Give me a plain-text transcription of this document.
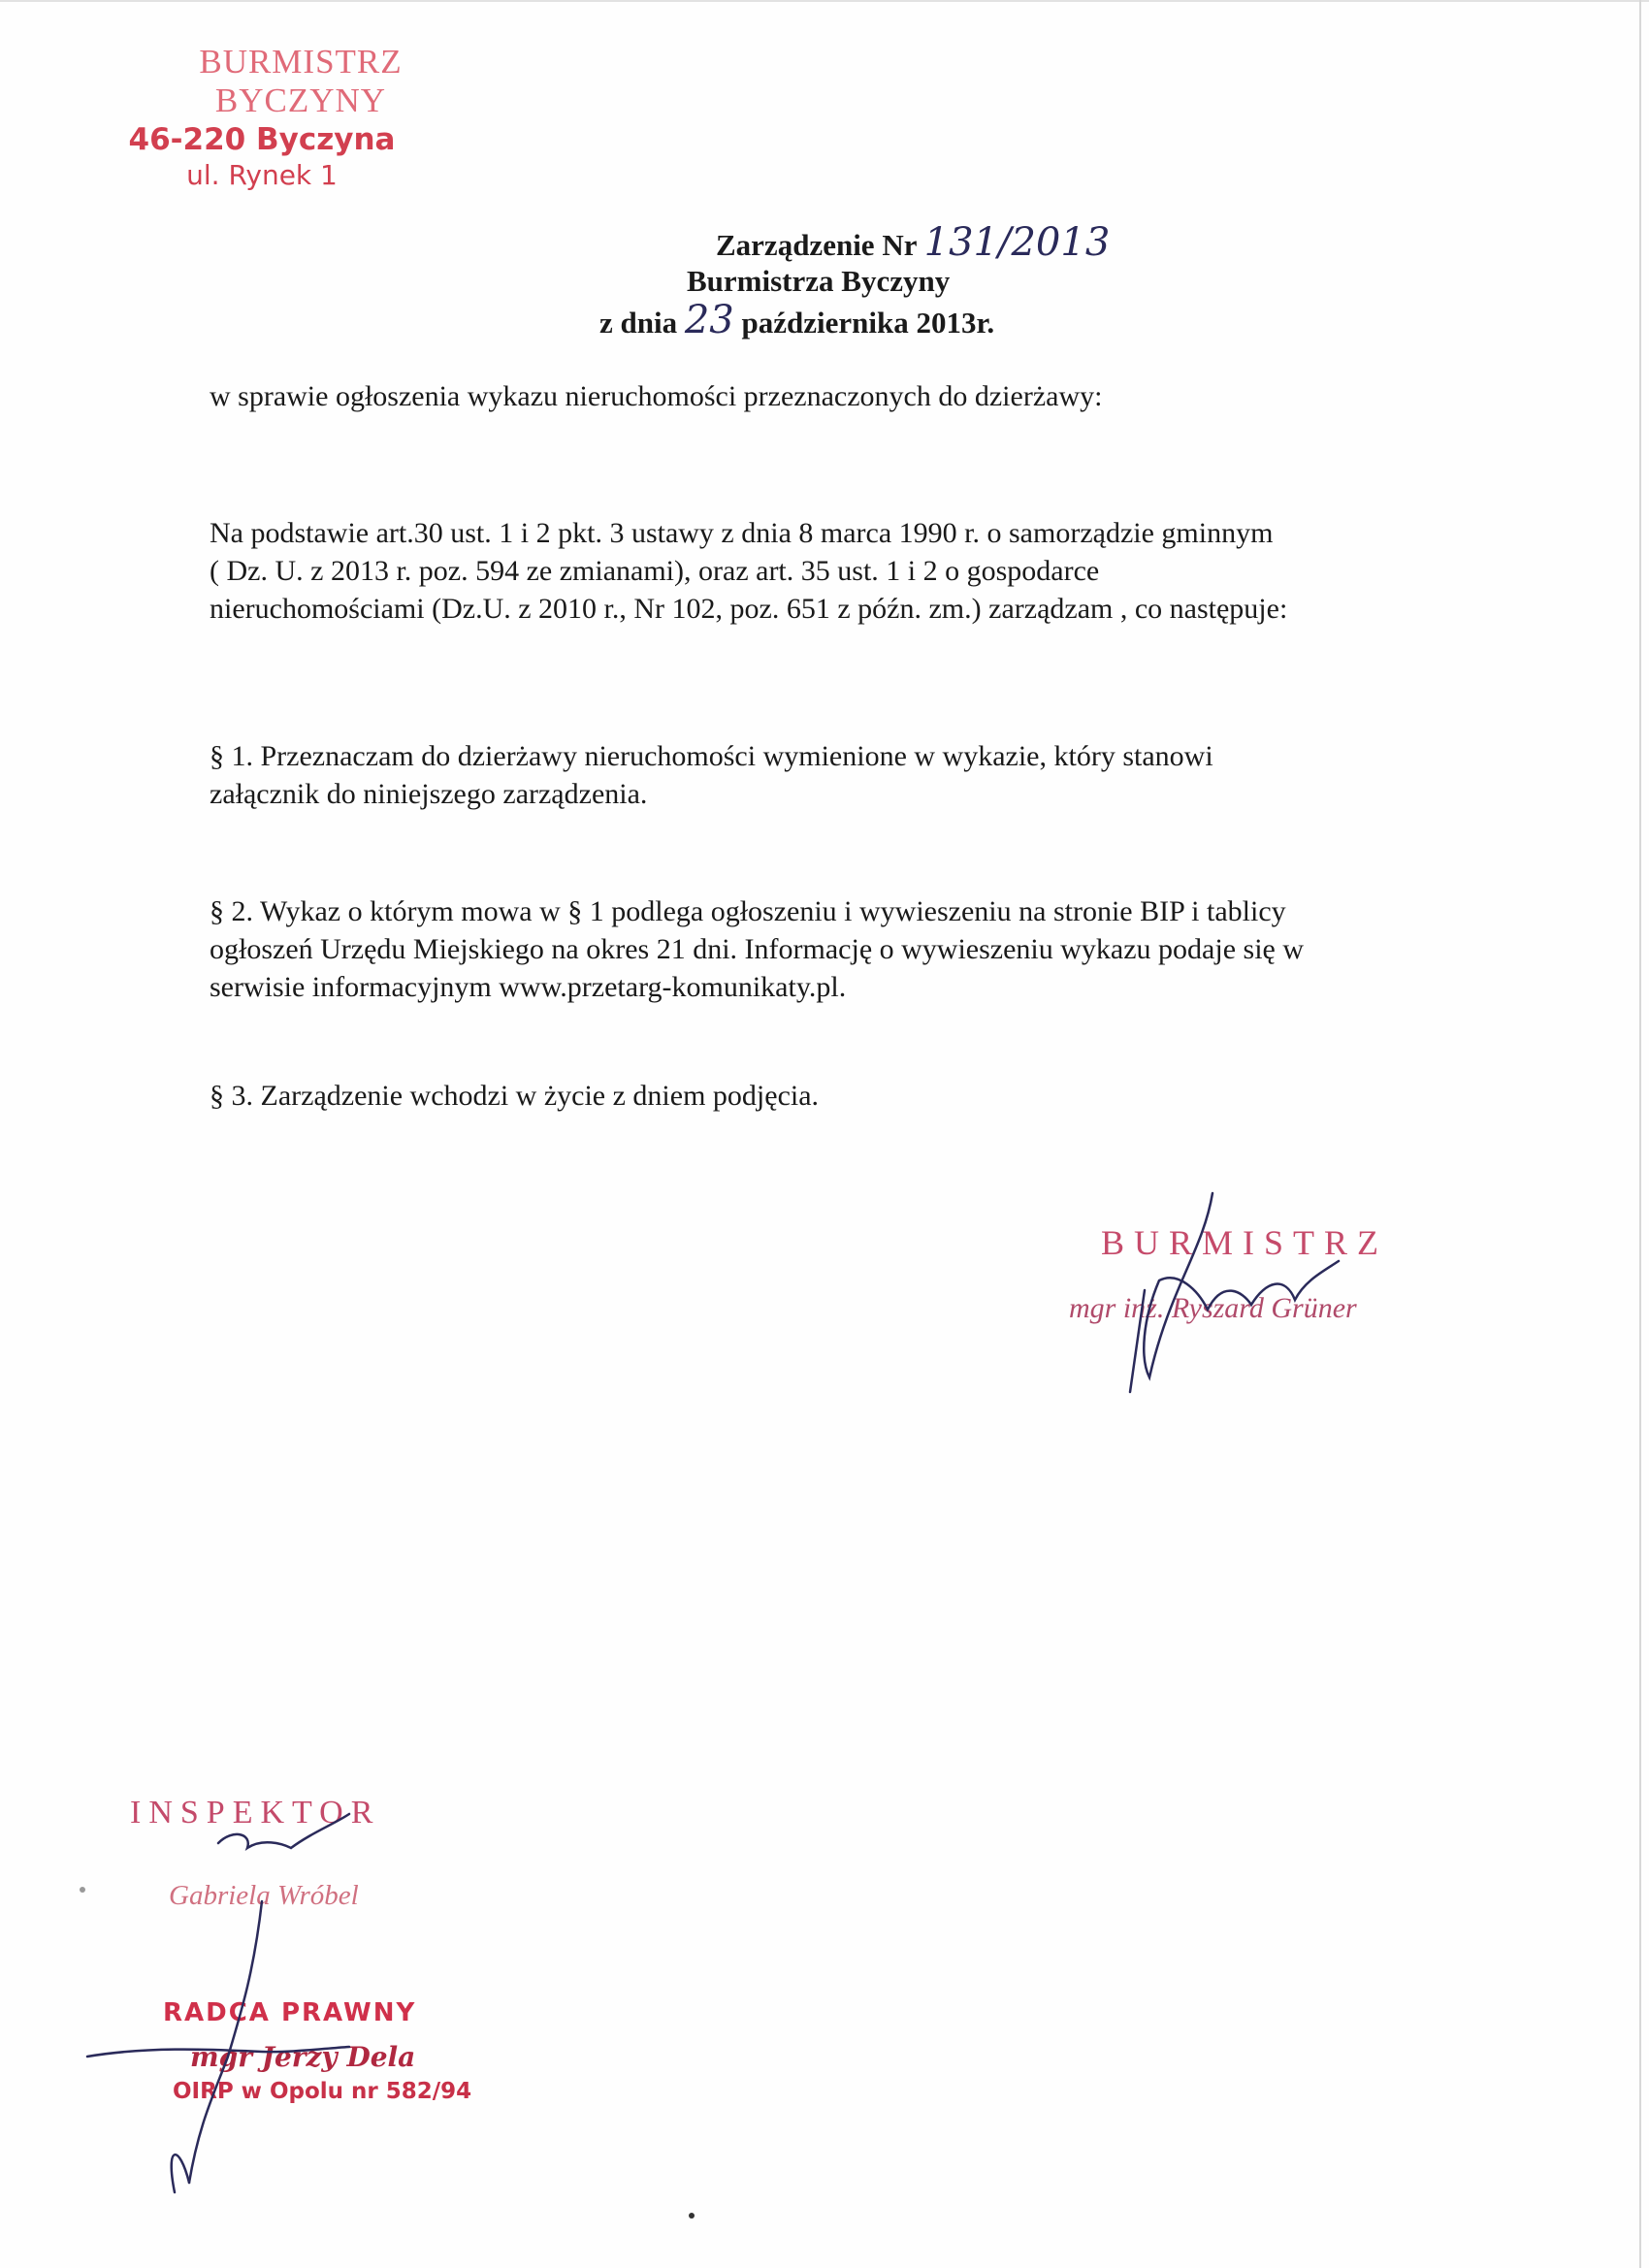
BURMISTRZ BYCZYNY
46-220 Byczyna
ul. Rynek 1
Zarządzenie Nr 131/2013
Burmistrza Byczyny
z dnia 23 października 2013r.
w sprawie ogłoszenia wykazu nieruchomości przeznaczonych do dzierżawy:
Na podstawie art.30 ust. 1 i 2 pkt. 3 ustawy z dnia 8 marca 1990 r. o samorządzie gminnym
( Dz. U. z 2013 r. poz. 594 ze zmianami), oraz art. 35 ust. 1 i 2 o gospodarce
nieruchomościami (Dz.U. z 2010 r., Nr 102, poz. 651 z późn. zm.) zarządzam , co następuje:
§ 1. Przeznaczam do dzierżawy nieruchomości wymienione w wykazie, który stanowi
załącznik do niniejszego zarządzenia.
§ 2. Wykaz o którym mowa w § 1 podlega ogłoszeniu i wywieszeniu na stronie BIP i tablicy
ogłoszeń Urzędu Miejskiego na okres 21 dni. Informację o wywieszeniu wykazu podaje się w
serwisie informacyjnym www.przetarg-komunikaty.pl.
§ 3. Zarządzenie wchodzi w życie z dniem podjęcia.
BURMISTRZ
mgr inż. Ryszard Grüner
INSPEKTOR
Gabriela Wróbel
RADCA PRAWNY
mgr Jerzy Dela
OIRP w Opolu nr 582/94
